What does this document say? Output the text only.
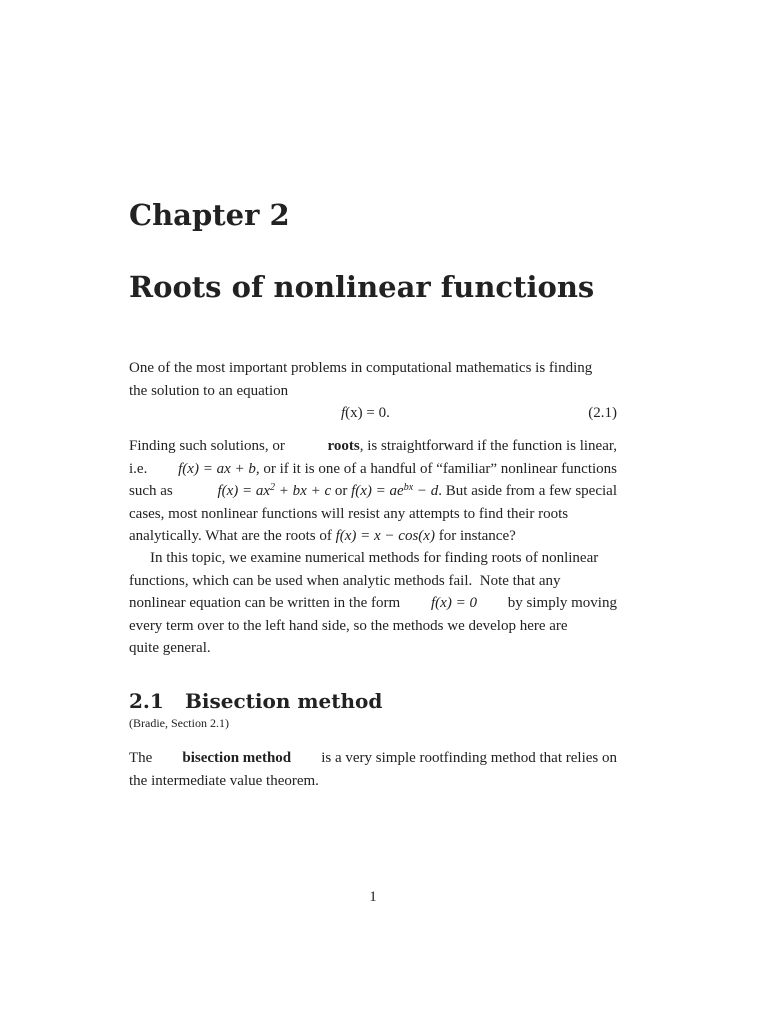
Chapter 2
Roots of nonlinear functions
One of the most important problems in computational mathematics is finding
the solution to an equation
f(x) = 0.	(2.1)
Finding such solutions, or	roots, is straightforward if the function is linear,
i.e. f(x) = ax + b, or if it is one of a handful of “familiar” nonlinear functions
such as	$f(x) = ax^2$ + bx + c or $f(x) = ae^{bx} - d$. But aside from a few special
cases, most nonlinear functions will resist any attempts to find their roots
analytically. What are the roots of f(x) = x − cos(x) for instance?
In this topic, we examine numerical methods for finding roots of nonlinear
functions, which can be used when analytic methods fail.  Note that any
nonlinear equation can be written in the form f(x) = 0 by simply moving
every term over to the left hand side, so the methods we develop here are
quite general.
2.1 Bisection method
(Bradie, Section 2.1)
The bisection method is a very simple rootfinding method that relies on
the intermediate value theorem.
1
